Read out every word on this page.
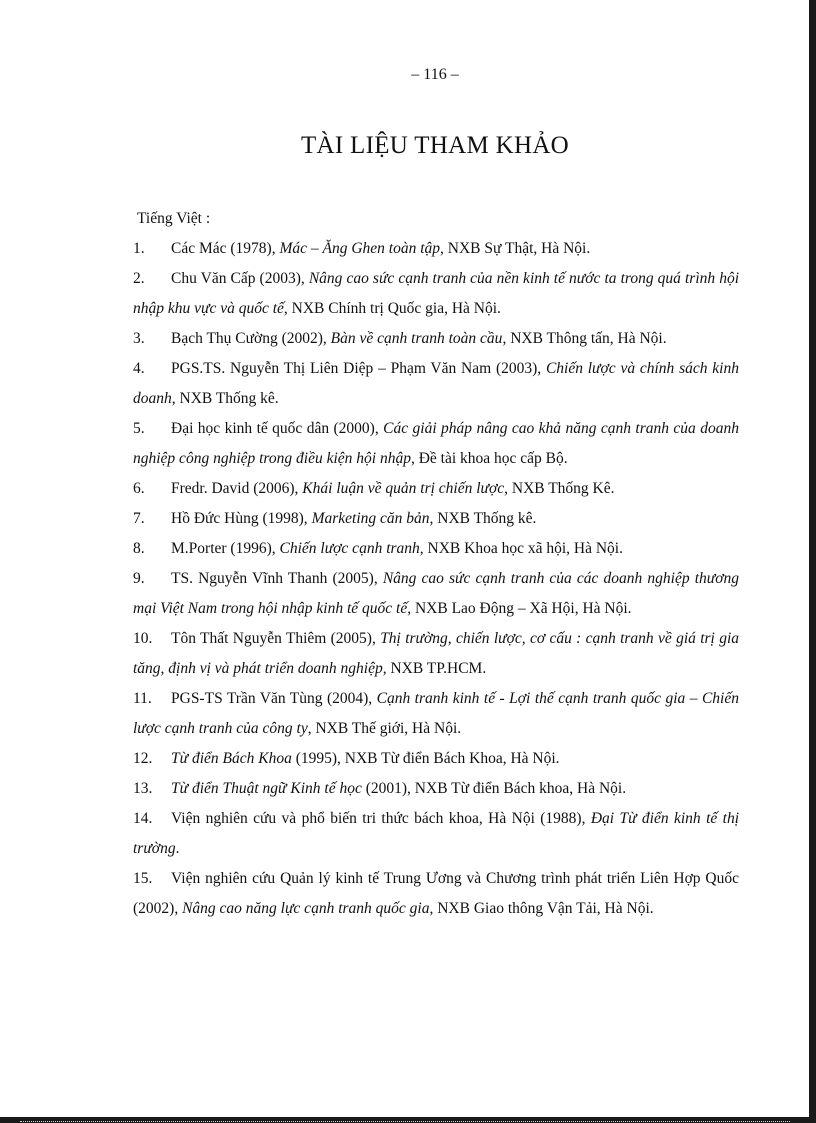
– 116 –
TÀI LIỆU THAM KHẢO
Tiếng Việt :
1. Các Mác (1978), Mác – Ăng Ghen toàn tập, NXB Sự Thật, Hà Nội.
2. Chu Văn Cấp (2003), Nâng cao sức cạnh tranh của nền kinh tế nước ta trong quá trình hội nhập khu vực và quốc tế, NXB Chính trị Quốc gia, Hà Nội.
3. Bạch Thụ Cường (2002), Bàn về cạnh tranh toàn cầu, NXB Thông tấn, Hà Nội.
4. PGS.TS. Nguyễn Thị Liên Diệp – Phạm Văn Nam (2003), Chiến lược và chính sách kinh doanh, NXB Thống kê.
5. Đại học kinh tế quốc dân (2000), Các giải pháp nâng cao khả năng cạnh tranh của doanh nghiệp công nghiệp trong điều kiện hội nhập, Đề tài khoa học cấp Bộ.
6. Fredr. David (2006), Khái luận về quản trị chiến lược, NXB Thống Kê.
7. Hồ Đức Hùng (1998), Marketing căn bản, NXB Thống kê.
8. M.Porter (1996), Chiến lược cạnh tranh, NXB Khoa học xã hội, Hà Nội.
9. TS. Nguyễn Vĩnh Thanh (2005), Nâng cao sức cạnh tranh của các doanh nghiệp thương mại Việt Nam trong hội nhập kinh tế quốc tế, NXB Lao Động – Xã Hội, Hà Nội.
10. Tôn Thất Nguyễn Thiêm (2005), Thị trường, chiến lược, cơ cấu : cạnh tranh về giá trị gia tăng, định vị và phát triển doanh nghiệp, NXB TP.HCM.
11. PGS-TS Trần Văn Tùng (2004), Cạnh tranh kinh tế - Lợi thế cạnh tranh quốc gia – Chiến lược cạnh tranh của công ty, NXB Thế giới, Hà Nội.
12. Từ điển Bách Khoa (1995), NXB Từ điển Bách Khoa, Hà Nội.
13. Từ điển Thuật ngữ Kinh tế học (2001), NXB Từ điển Bách khoa, Hà Nội.
14. Viện nghiên cứu và phổ biến tri thức bách khoa, Hà Nội (1988), Đại Từ điển kinh tế thị trường.
15. Viện nghiên cứu Quản lý kinh tế Trung Ương và Chương trình phát triển Liên Hợp Quốc (2002), Nâng cao năng lực cạnh tranh quốc gia, NXB Giao thông Vận Tải, Hà Nội.
